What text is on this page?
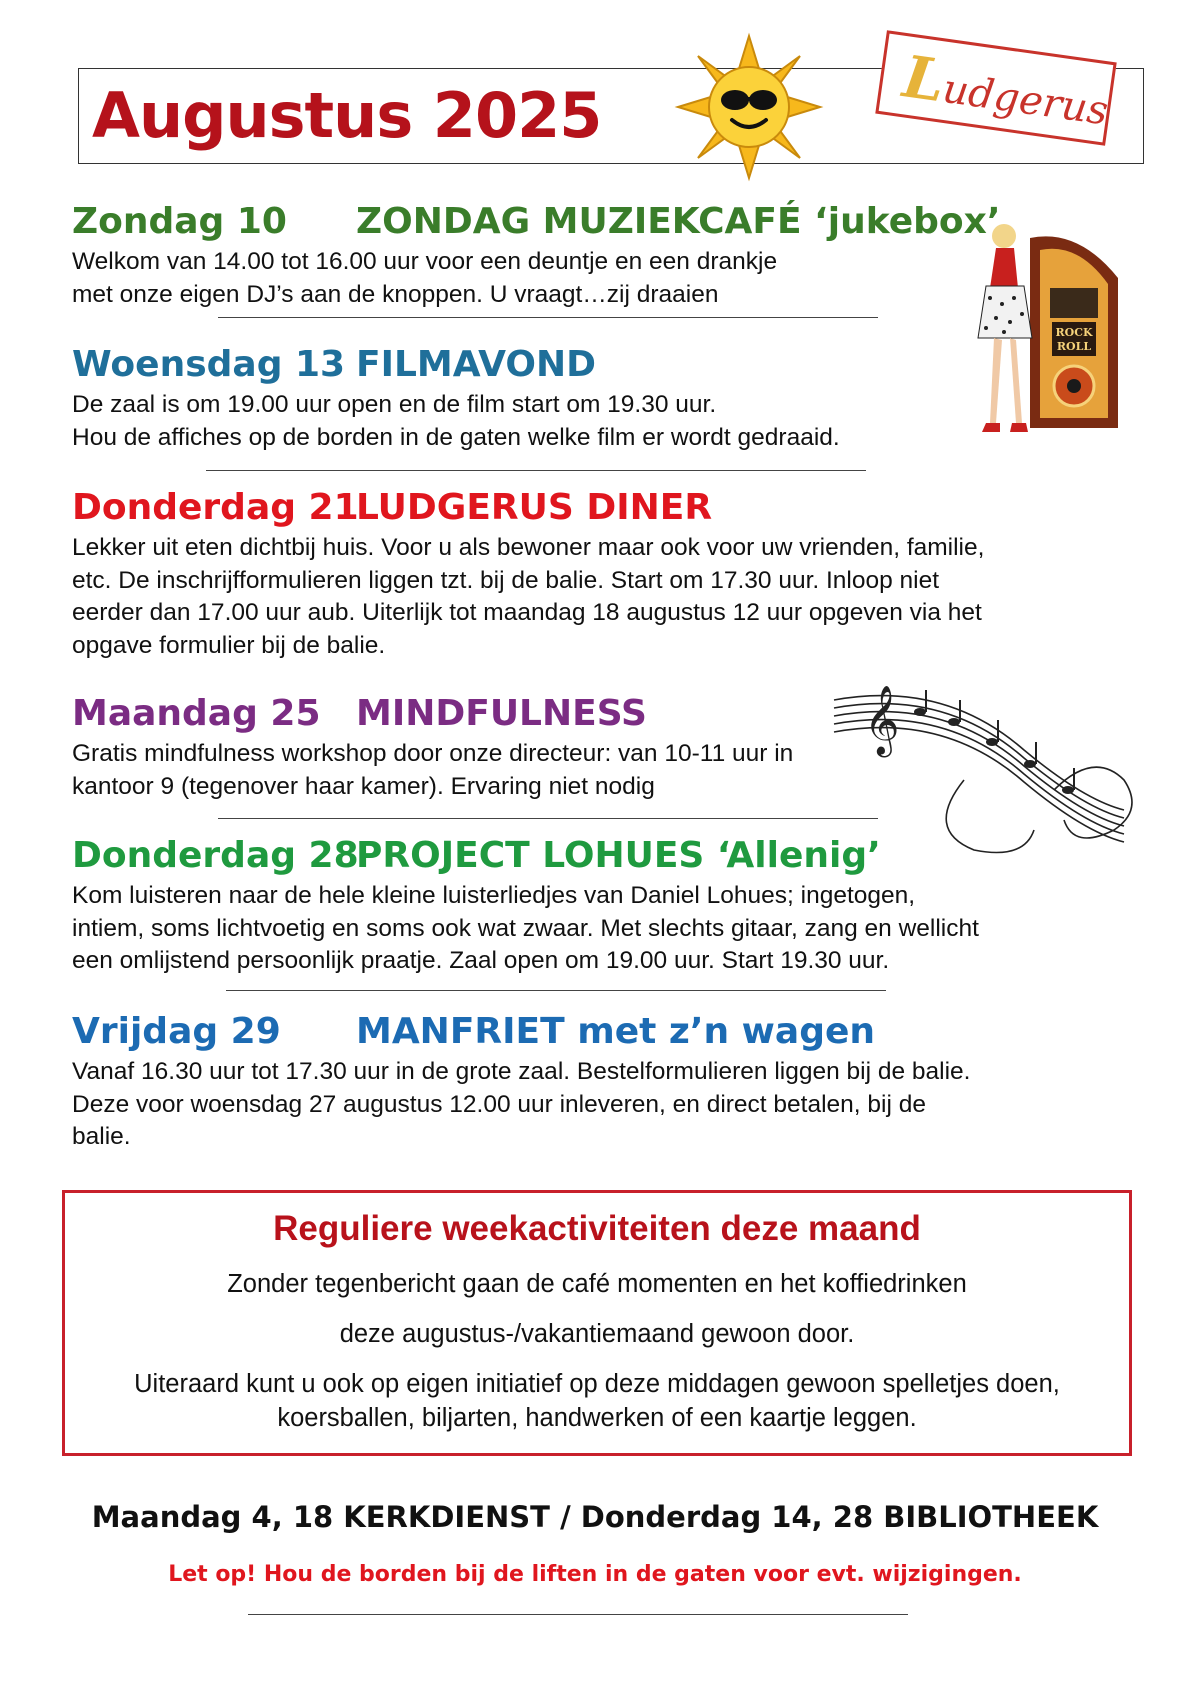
Augustus 2025
Ludgerus
ROCK
ROLL
𝄞
Zondag 10 ZONDAG MUZIEKCAFÉ ‘jukebox’

Welkom van 14.00 tot 16.00 uur voor een deuntje en een drankje
met onze eigen DJ’s aan de knoppen. U vraagt…zij draaien

Woensdag 13 FILMAVOND

De zaal is om 19.00 uur open en de film start om 19.30 uur.
Hou de affiches op de borden in de gaten welke film er wordt gedraaid.

Donderdag 21
LUDGERUS DINER

Lekker uit eten dichtbij huis. Voor u als bewoner maar ook voor uw vrienden, familie,
etc. De inschrijfformulieren liggen tzt. bij de balie. Start om 17.30 uur. Inloop niet
eerder dan 17.00 uur aub. Uiterlijk tot maandag 18 augustus 12 uur opgeven via het
opgave formulier bij de balie.

Maandag 25 MINDFULNESS

Gratis mindfulness workshop door onze directeur: van 10-11 uur in
kantoor 9 (tegenover haar kamer). Ervaring niet nodig

Donderdag 28
PROJECT LOHUES ‘Allenig’

Kom luisteren naar de hele kleine luisterliedjes van Daniel Lohues; ingetogen,
intiem, soms lichtvoetig en soms ook wat zwaar. Met slechts gitaar, zang en wellicht
een omlijstend persoonlijk praatje. Zaal open om 19.00 uur. Start 19.30 uur.

Vrijdag 29 MANFRIET met z’n wagen

Vanaf 16.30 uur tot 17.30 uur in de grote zaal. Bestelformulieren liggen bij de balie.
Deze voor woensdag 27 augustus 12.00 uur inleveren, en direct betalen, bij de
balie.

Reguliere weekactiviteiten deze maand

Zonder tegenbericht gaan de café momenten en het koffiedrinken

deze augustus-/vakantiemaand gewoon door.

Uiteraard kunt u ook op eigen initiatief op deze middagen gewoon spelletjes doen,

koersballen, biljarten, handwerken of een kaartje leggen.

Maandag 4, 18 KERKDIENST / Donderdag 14, 28 BIBLIOTHEEK
Let op! Hou de borden bij de liften in de gaten voor evt. wijzigingen.
